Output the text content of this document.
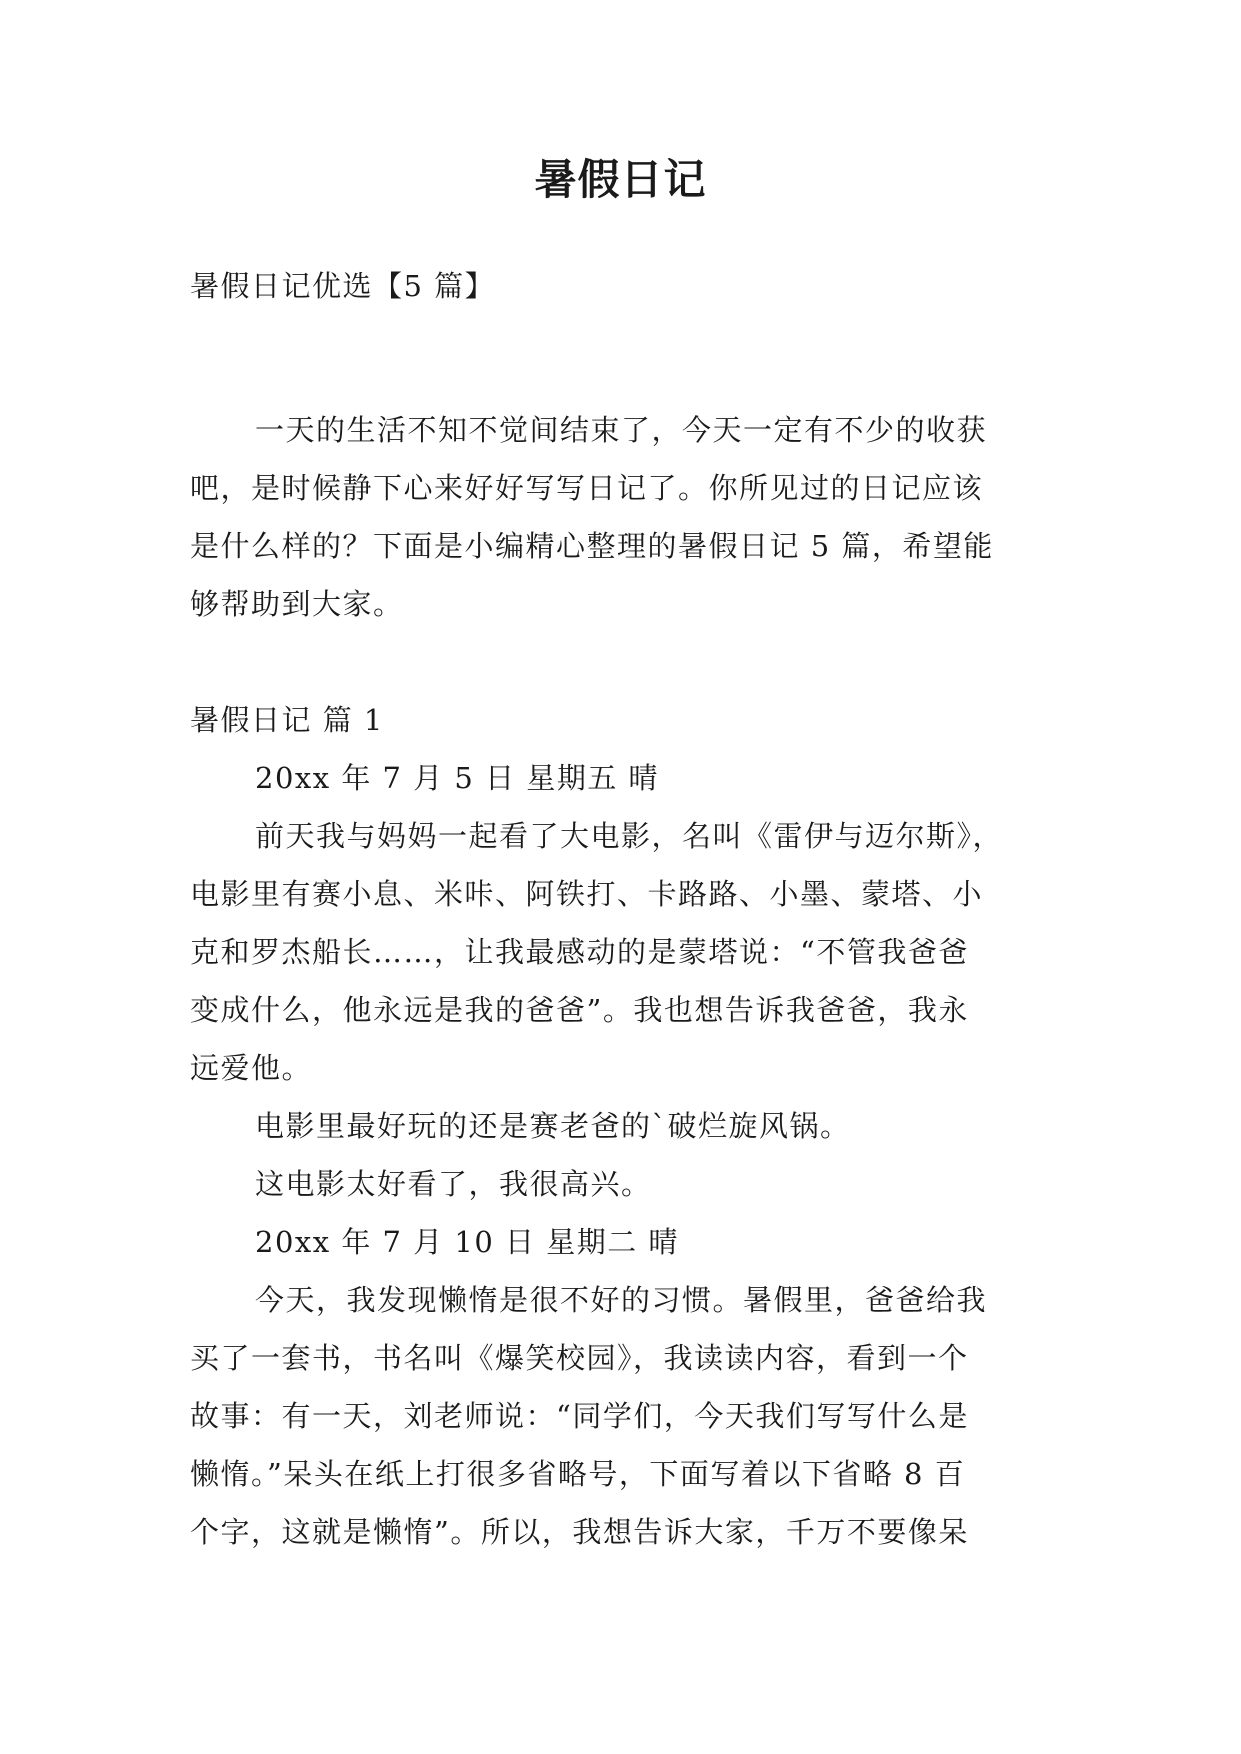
暑假日记

暑假日记优选【5 篇】

一天的生活不知不觉间结束了，今天一定有不少的收获

吧，是时候静下心来好好写写日记了。你所见过的日记应该

是什么样的？下面是小编精心整理的暑假日记 5 篇，希望能

够帮助到大家。

暑假日记 篇 1

20xx 年 7 月 5 日 星期五 晴

前天我与妈妈一起看了大电影，名叫《雷伊与迈尔斯》，

电影里有赛小息、米咔、阿铁打、卡路路、小墨、蒙塔、小

克和罗杰船长……，让我最感动的是蒙塔说：“不管我爸爸

变成什么，他永远是我的爸爸”。我也想告诉我爸爸，我永

远爱他。

电影里最好玩的还是赛老爸的`破烂旋风锅。

这电影太好看了，我很高兴。

20xx 年 7 月 10 日 星期二 晴

今天，我发现懒惰是很不好的习惯。暑假里，爸爸给我

买了一套书，书名叫《爆笑校园》，我读读内容，看到一个

故事：有一天，刘老师说：“同学们，今天我们写写什么是

懒惰。”呆头在纸上打很多省略号，下面写着以下省略 8 百

个字，这就是懒惰”。所以，我想告诉大家，千万不要像呆
